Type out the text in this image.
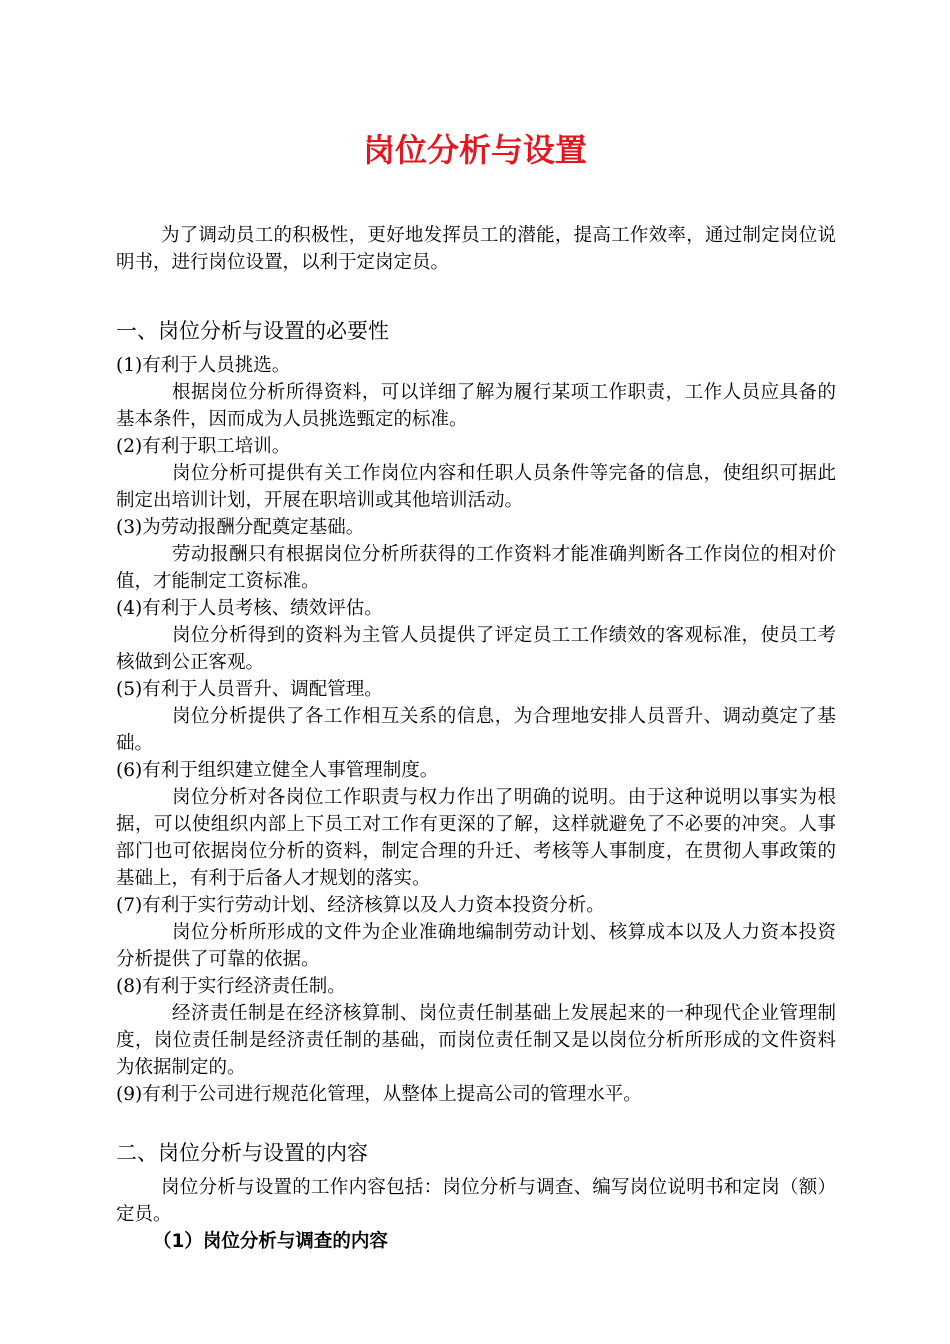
岗位分析与设置

为了调动员工的积极性，更好地发挥员工的潜能，提高工作效率，通过制定岗位说明书，进行岗位设置，以利于定岗定员。

一、岗位分析与设置的必要性

(1)有利于人员挑选。

根据岗位分析所得资料，可以详细了解为履行某项工作职责，工作人员应具备的基本条件，因而成为人员挑选甄定的标准。

(2)有利于职工培训。

岗位分析可提供有关工作岗位内容和任职人员条件等完备的信息，使组织可据此制定出培训计划，开展在职培训或其他培训活动。

(3)为劳动报酬分配奠定基础。

劳动报酬只有根据岗位分析所获得的工作资料才能准确判断各工作岗位的相对价值，才能制定工资标准。

(4)有利于人员考核、绩效评估。

岗位分析得到的资料为主管人员提供了评定员工工作绩效的客观标准，使员工考核做到公正客观。

(5)有利于人员晋升、调配管理。

岗位分析提供了各工作相互关系的信息，为合理地安排人员晋升、调动奠定了基础。

(6)有利于组织建立健全人事管理制度。

岗位分析对各岗位工作职责与权力作出了明确的说明。由于这种说明以事实为根据，可以使组织内部上下员工对工作有更深的了解，这样就避免了不必要的冲突。人事部门也可依据岗位分析的资料，制定合理的升迁、考核等人事制度，在贯彻人事政策的基础上，有利于后备人才规划的落实。

(7)有利于实行劳动计划、经济核算以及人力资本投资分析。

岗位分析所形成的文件为企业准确地编制劳动计划、核算成本以及人力资本投资分析提供了可靠的依据。

(8)有利于实行经济责任制。

经济责任制是在经济核算制、岗位责任制基础上发展起来的一种现代企业管理制度，岗位责任制是经济责任制的基础，而岗位责任制又是以岗位分析所形成的文件资料为依据制定的。

(9)有利于公司进行规范化管理，从整体上提高公司的管理水平。

二、岗位分析与设置的内容

岗位分析与设置的工作内容包括：岗位分析与调查、编写岗位说明书和定岗（额）定员。

（1）岗位分析与调查的内容
